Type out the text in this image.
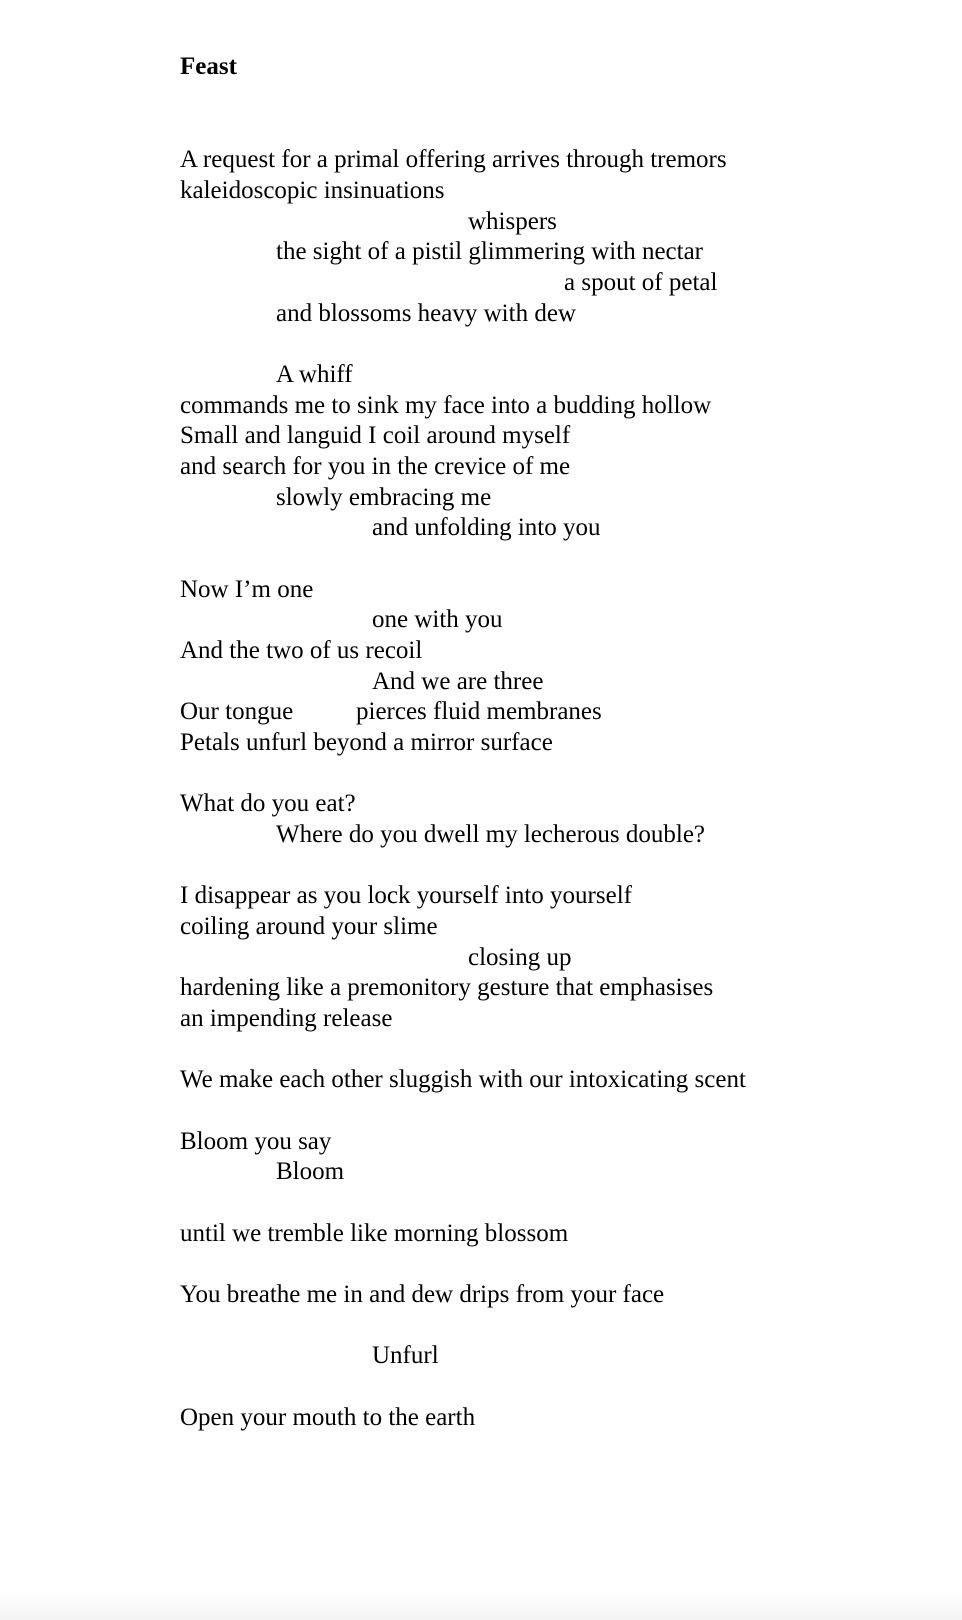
Feast
A request for a primal offering arrives through tremors
kaleidoscopic insinuations
whispers
the sight of a pistil glimmering with nectar
a spout of petal
and blossoms heavy with dew
A whiff
commands me to sink my face into a budding hollow
Small and languid I coil around myself
and search for you in the crevice of me
slowly embracing me
and unfolding into you
Now I’m one
one with you
And the two of us recoil
And we are three
Our tongue	pierces fluid membranes
Petals unfurl beyond a mirror surface
What do you eat?
Where do you dwell my lecherous double?
I disappear as you lock yourself into yourself
coiling around your slime
closing up
hardening like a premonitory gesture that emphasises
an impending release
We make each other sluggish with our intoxicating scent
Bloom you say
Bloom
until we tremble like morning blossom
You breathe me in and dew drips from your face
Unfurl
Open your mouth to the earth
